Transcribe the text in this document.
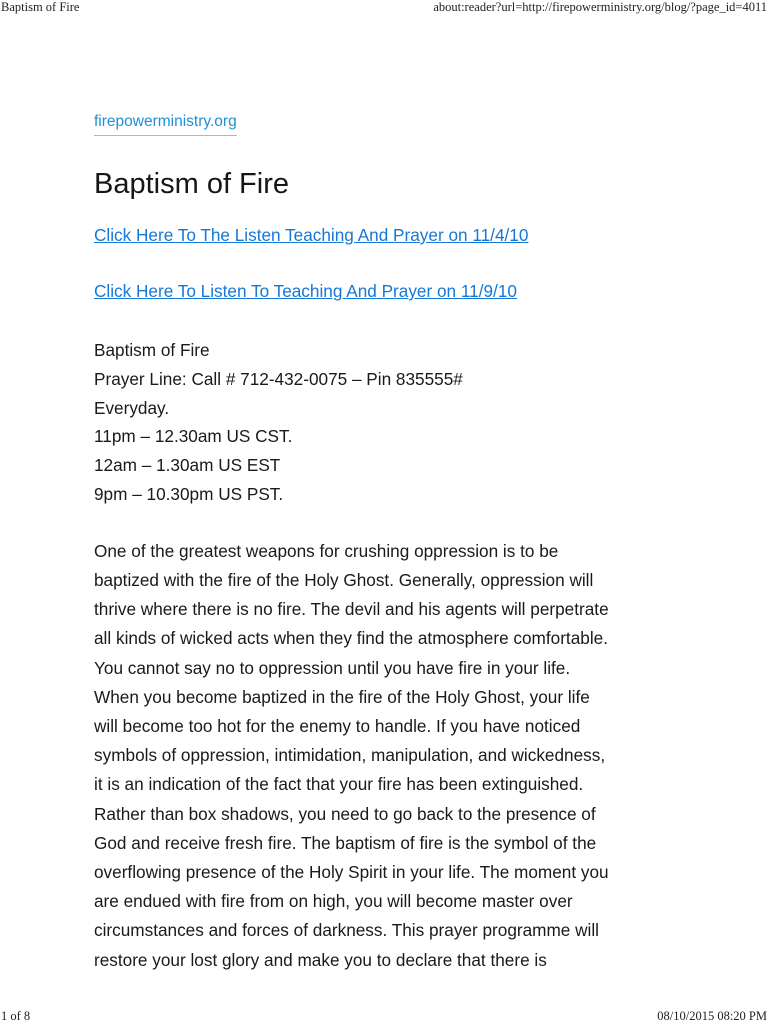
Baptism of Fire	about:reader?url=http://firepowerministry.org/blog/?page_id=4011
firepowerministry.org
Baptism of Fire
Click Here To The Listen Teaching And Prayer on 11/4/10
Click Here To Listen To Teaching And Prayer on 11/9/10
Baptism of Fire
Prayer Line: Call # 712-432-0075 – Pin 835555#
Everyday.
11pm – 12.30am US CST.
12am – 1.30am US EST
9pm – 10.30pm US PST.
One of the greatest weapons for crushing oppression is to be
baptized with the fire of the Holy Ghost. Generally, oppression will
thrive where there is no fire. The devil and his agents will perpetrate
all kinds of wicked acts when they find the atmosphere comfortable.
You cannot say no to oppression until you have fire in your life.
When you become baptized in the fire of the Holy Ghost, your life
will become too hot for the enemy to handle. If you have noticed
symbols of oppression, intimidation, manipulation, and wickedness,
it is an indication of the fact that your fire has been extinguished.
Rather than box shadows, you need to go back to the presence of
God and receive fresh fire. The baptism of fire is the symbol of the
overflowing presence of the Holy Spirit in your life. The moment you
are endued with fire from on high, you will become master over
circumstances and forces of darkness. This prayer programme will
restore your lost glory and make you to declare that there is
1 of 8	08/10/2015 08:20 PM
